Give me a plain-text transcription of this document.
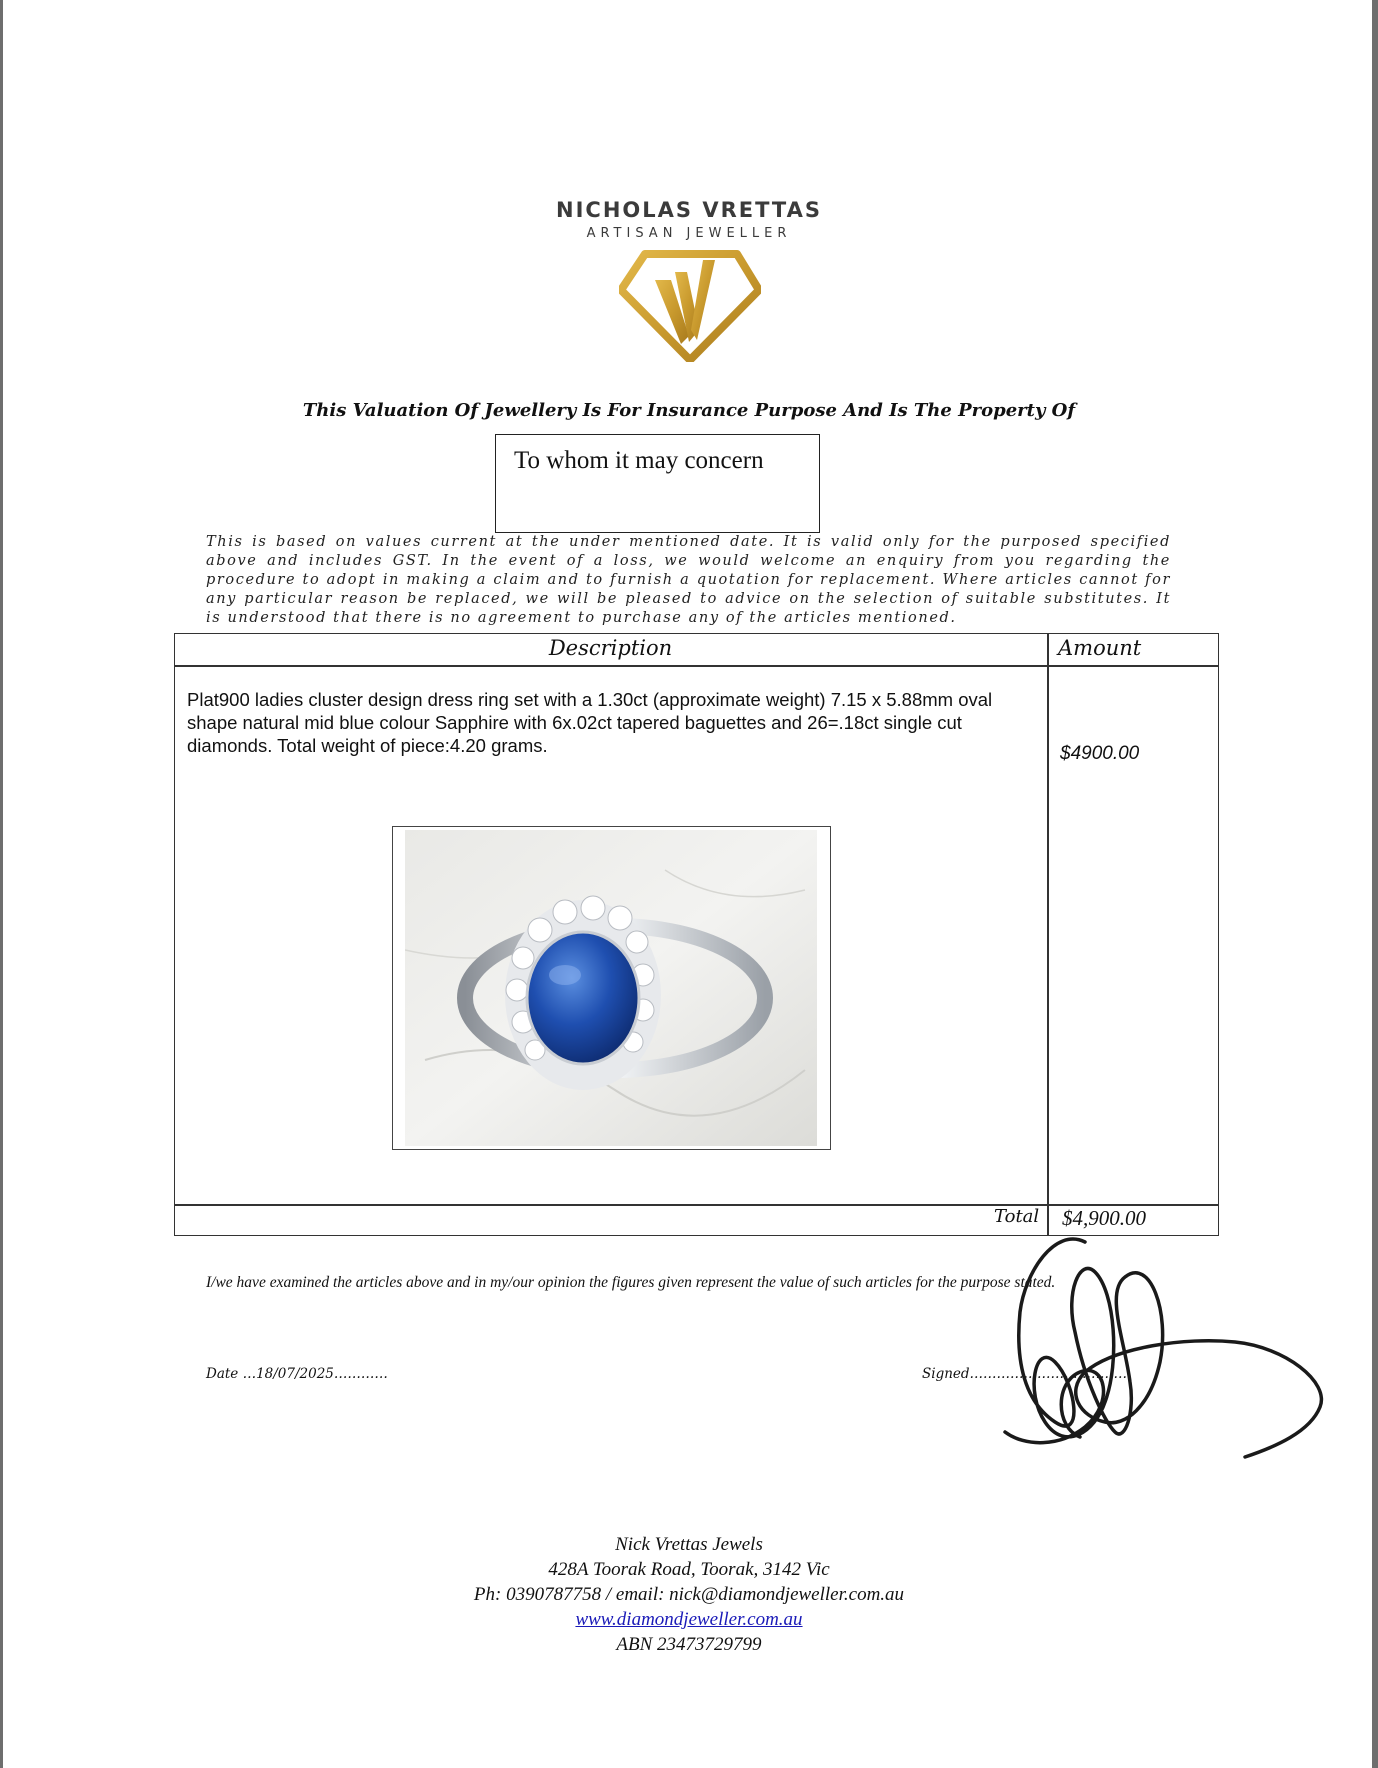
NICHOLAS VRETTAS
ARTISAN JEWELLER
This Valuation Of Jewellery Is For Insurance Purpose And Is The Property Of
To whom it may concern
This is based on values current at the under mentioned date. It is valid only for the purposed specified above and includes GST. In the event of a loss, we would welcome an enquiry from you regarding the procedure to adopt in making a claim and to furnish a quotation for replacement. Where articles cannot for any particular reason be replaced, we will be pleased to advice on the selection of suitable substitutes. It is understood that there is no agreement to purchase any of the articles mentioned.
Description	Amount
Plat900 ladies cluster design dress ring set with a 1.30ct (approximate weight) 7.15 x 5.88mm oval shape natural mid blue colour Sapphire with 6x.02ct tapered baguettes and 26=.18ct single cut diamonds. Total weight of piece:4.20 grams.	$4900.00
Total $4,900.00
I/we have examined the articles above and in my/our opinion the figures given represent the value of such articles for the purpose stated.
Date …18/07/2025…………	Signed………………………………
Nick Vrettas Jewels
428A Toorak Road, Toorak, 3142 Vic
Ph: 0390787758 / email: nick@diamondjeweller.com.au
www.diamondjeweller.com.au
ABN 23473729799
